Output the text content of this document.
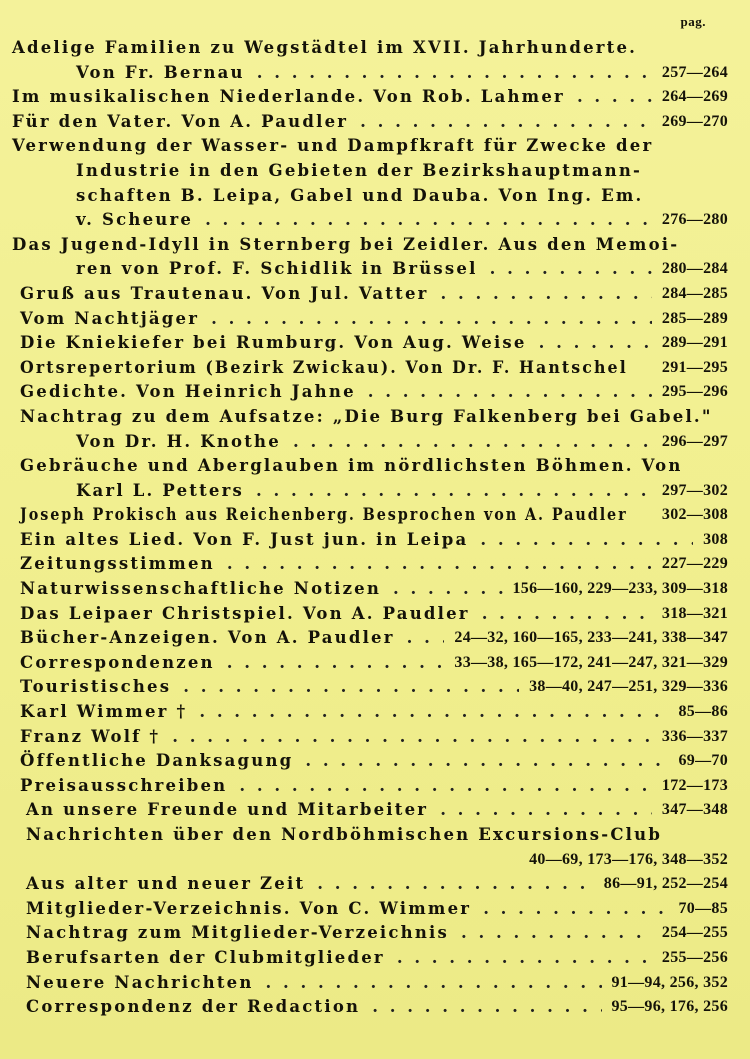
pag.
Adelige Familien zu Wegstädtel im XVII. Jahrhunderte.
Von Fr. Bernau	257—264
. . .
Im musikalischen Niederlande. Von Rob. Lahmer	264—269
. . .
Für den Vater. Von A. Paudler	269—270
. . .
Verwendung der Wasser- und Dampfkraft für Zwecke der
Industrie in den Gebieten der Bezirkshauptmann-
schaften B. Leipa, Gabel und Dauba. Von Ing. Em.
v. Scheure	276—280
. . .
Das Jugend-Idyll in Sternberg bei Zeidler. Aus den Memoi-
ren von Prof. F. Schidlik in Brüssel	280—284
. . .
Gruß aus Trautenau. Von Jul. Vatter	284—285
. . .
Vom Nachtjäger	285—289
. . .
Die Kniekiefer bei Rumburg. Von Aug. Weise	289—291
. . .
Ortsrepertorium (Bezirk Zwickau). Von Dr. F. Hantschel 291—295
Gedichte. Von Heinrich Jahne	295—296
. . .
Nachtrag zu dem Aufsatze: „Die Burg Falkenberg bei Gabel."
Von Dr. H. Knothe	296—297
. . .
Gebräuche und Aberglauben im nördlichsten Böhmen. Von
Karl L. Petters	297—302
. . .
Joseph Prokisch aus Reichenberg. Besprochen von A. Paudler 302—308
Ein altes Lied. Von F. Just jun. in Leipa	308
. . .
Zeitungsstimmen	227—229
. . .
Naturwissenschaftliche Notizen	156—160, 229—233, 309—318
. . .
Das Leipaer Christspiel. Von A. Paudler	318—321
. . .
Bücher-Anzeigen. Von A. Paudler	24—32, 160—165, 233—241, 338—347
. . .
Correspondenzen	33—38, 165—172, 241—247, 321—329
. . .
Touristisches	38—40, 247—251, 329—336
. . .
Karl Wimmer †	85—86
. . .
Franz Wolf †	336—337
. . .
Öffentliche Danksagung	69—70
. . .
Preisausschreiben	172—173
. . .
An unsere Freunde und Mitarbeiter	347—348
. . .
Nachrichten über den Nordböhmischen Excursions-Club
40—69, 173—176, 348—352
Aus alter und neuer Zeit	86—91, 252—254
. . .
Mitglieder-Verzeichnis. Von C. Wimmer	70—85
. . .
Nachtrag zum Mitglieder-Verzeichnis	254—255
. . .
Berufsarten der Clubmitglieder	255—256
. . .
Neuere Nachrichten	91—94, 256, 352
. . .
Correspondenz der Redaction	95—96, 176, 256
. . .
